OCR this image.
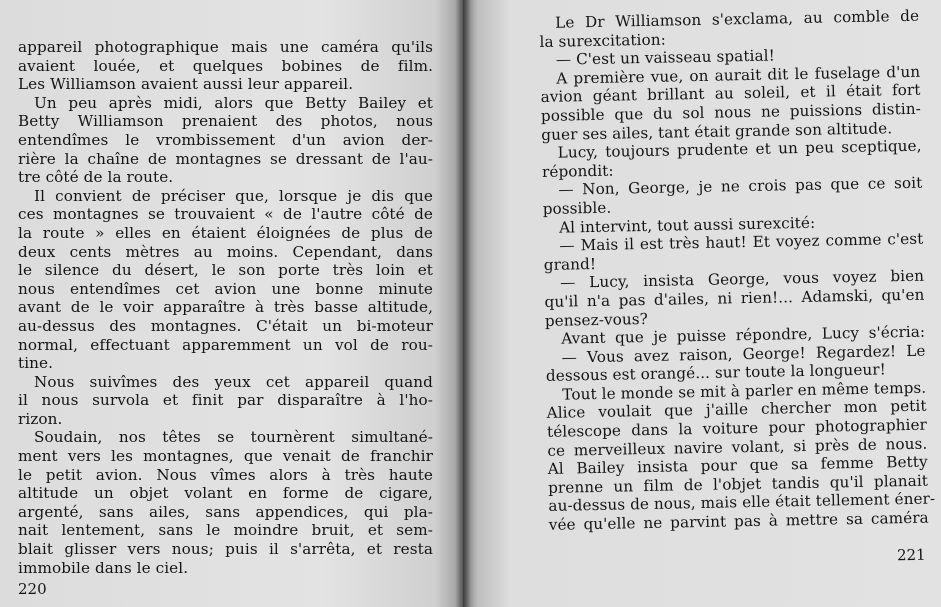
appareil photographique mais une caméra qu'ils

avaient louée, et quelques bobines de film.

Les Williamson avaient aussi leur appareil.

Un peu après midi, alors que Betty Bailey et

Betty Williamson prenaient des photos, nous

entendîmes le vrombissement d'un avion der-

rière la chaîne de montagnes se dressant de l'au-

tre côté de la route.

Il convient de préciser que, lorsque je dis que

ces montagnes se trouvaient « de l'autre côté de

la route » elles en étaient éloignées de plus de

deux cents mètres au moins. Cependant, dans

le silence du désert, le son porte très loin et

nous entendîmes cet avion une bonne minute

avant de le voir apparaître à très basse altitude,

au-dessus des montagnes. C'était un bi-moteur

normal, effectuant apparemment un vol de rou-

tine.

Nous suivîmes des yeux cet appareil quand

il nous survola et finit par disparaître à l'ho-

rizon.

Soudain, nos têtes se tournèrent simultané-

ment vers les montagnes, que venait de franchir

le petit avion. Nous vîmes alors à très haute

altitude un objet volant en forme de cigare,

argenté, sans ailes, sans appendices, qui pla-

nait lentement, sans le moindre bruit, et sem-

blait glisser vers nous; puis il s'arrêta, et resta

immobile dans le ciel.

220

Le Dr Williamson s'exclama, au comble de

la surexcitation:

— C'est un vaisseau spatial!

A première vue, on aurait dit le fuselage d'un

avion géant brillant au soleil, et il était fort

possible que du sol nous ne puissions distin-

guer ses ailes, tant était grande son altitude.

Lucy, toujours prudente et un peu sceptique,

répondit:

— Non, George, je ne crois pas que ce soit

possible.

Al intervint, tout aussi surexcité:

— Mais il est très haut! Et voyez comme c'est

grand!

— Lucy, insista George, vous voyez bien

qu'il n'a pas d'ailes, ni rien!... Adamski, qu'en

pensez-vous?

Avant que je puisse répondre, Lucy s'écria:

— Vous avez raison, George! Regardez! Le

dessous est orangé... sur toute la longueur!

Tout le monde se mit à parler en même temps.

Alice voulait que j'aille chercher mon petit

télescope dans la voiture pour photographier

ce merveilleux navire volant, si près de nous.

Al Bailey insista pour que sa femme Betty

prenne un film de l'objet tandis qu'il planait

au-dessus de nous, mais elle était tellement éner-

vée qu'elle ne parvint pas à mettre sa caméra

221
